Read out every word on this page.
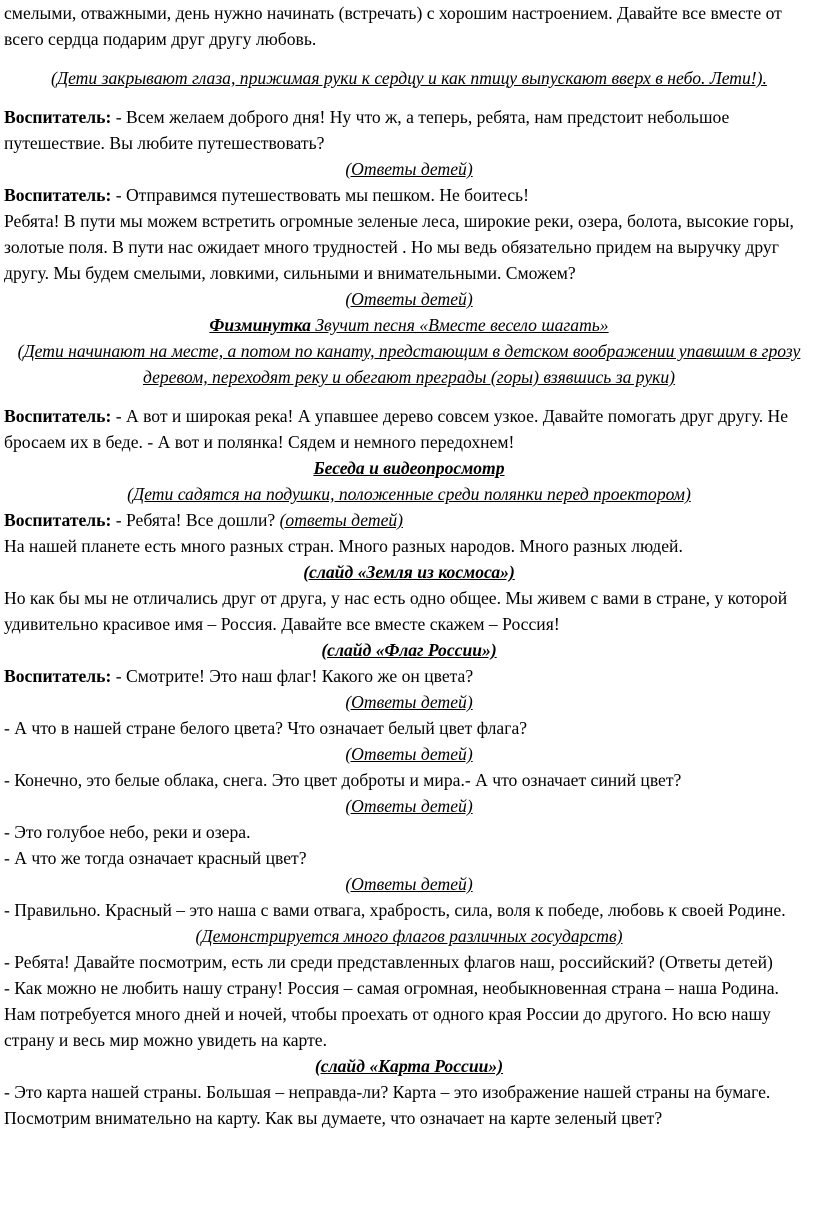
смелыми, отважными, день нужно начинать (встречать) с хорошим настроением. Давайте все вместе от всего сердца подарим друг другу любовь.

(Дети закрывают глаза, прижимая руки к сердцу и как птицу выпускают вверх в небо. Лети!).

Воспитатель: - Всем желаем доброго дня! Ну что ж, а теперь, ребята, нам предстоит небольшое путешествие. Вы любите путешествовать?

(Ответы детей)

Воспитатель: - Отправимся путешествовать мы пешком. Не боитесь!

Ребята! В пути мы можем встретить огромные зеленые леса, широкие реки, озера, болота, высокие горы, золотые поля. В пути нас ожидает много трудностей . Но мы ведь обязательно придем на выручку друг другу. Мы будем смелыми, ловкими, сильными и внимательными. Сможем?

(Ответы детей)

Физминутка Звучит песня «Вместе весело шагать»

(Дети начинают на месте, а потом по канату, предстающим в детском воображении упавшим в грозу деревом, переходят реку и обегают преграды (горы) взявшись за руки)

Воспитатель: - А вот и широкая река! А упавшее дерево совсем узкое. Давайте помогать друг другу. Не бросаем их в беде. - А вот и полянка! Сядем и немного передохнем!

Беседа и видеопросмотр

(Дети садятся на подушки, положенные среди полянки перед проектором)

Воспитатель: - Ребята! Все дошли? (ответы детей)

На нашей планете есть много разных стран. Много разных народов. Много разных людей.

(слайд «Земля из космоса»)

Но как бы мы не отличались друг от друга, у нас есть одно общее. Мы живем с вами в стране, у которой удивительно красивое имя – Россия. Давайте все вместе скажем – Россия!

(слайд «Флаг России»)

Воспитатель: - Смотрите! Это наш флаг! Какого же он цвета?

(Ответы детей)

- А что в нашей стране белого цвета? Что означает белый цвет флага?

(Ответы детей)

- Конечно, это белые облака, снега. Это цвет доброты и мира.- А что означает синий цвет?

(Ответы детей)

- Это голубое небо, реки и озера.

- А что же тогда означает красный цвет?

(Ответы детей)

- Правильно. Красный – это наша с вами отвага, храбрость, сила, воля к победе, любовь к своей Родине.

(Демонстрируется много флагов различных государств)

- Ребята! Давайте посмотрим, есть ли среди представленных флагов наш, российский? (Ответы детей)

- Как можно не любить нашу страну! Россия – самая огромная, необыкновенная страна – наша Родина. Нам потребуется много дней и ночей, чтобы проехать от одного края России до другого. Но всю нашу страну и весь мир можно увидеть на карте.

(слайд «Карта России»)

- Это карта нашей страны. Большая – неправда-ли? Карта – это изображение нашей страны на бумаге. Посмотрим внимательно на карту. Как вы думаете, что означает на карте зеленый цвет?
